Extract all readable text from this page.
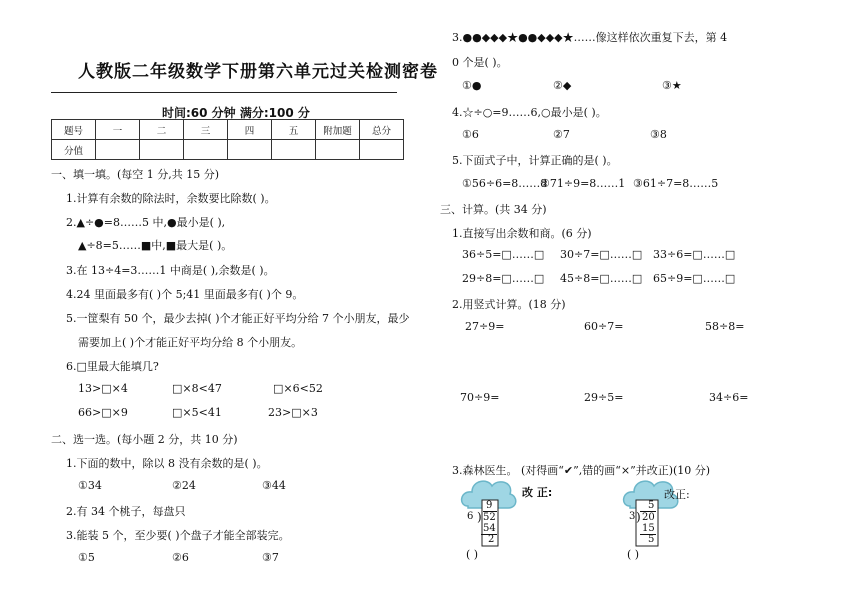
人教版二年级数学下册第六单元过关检测密卷
时间:60 分钟 满分:100 分
题号	一	二	三	四	五	附加题	总分
分值							
一、填一填。(每空 1 分,共 15 分)
1.计算有余数的除法时，余数要比除数( )。
2.▲÷●=8……5 中,●最小是( ),
▲÷8=5……■中,■最大是( )。
3.在 13÷4=3……1 中商是( ),余数是( )。
4.24 里面最多有( )个 5;41 里面最多有( )个 9。
5.一筐梨有 50 个，最少去掉( )个才能正好平均分给 7 个小朋友，最少
需要加上( )个才能正好平均分给 8 个小朋友。
6.□里最大能填几?
13>□×4	□×8<47	□×6<52
66>□×9	□×5<41	23>□×3
二、选一选。(每小题 2 分，共 10 分)
1.下面的数中，除以 8 没有余数的是( )。
①34	②24	③44
2.有 34 个桃子，每盘只
3.能装 5 个，至少要( )个盘子才能全部装完。
①5	②6	③7
3.●●◆◆◆★●●◆◆◆★……像这样依次重复下去，第 4
0 个是( )。
①●	②◆	③★
4.☆÷○=9……6,○最小是( )。
①6	②7	③8
5.下面式子中，计算正确的是( )。
①56÷6=8……8
②71÷9=8……1 ③61÷7=8……5
三、计算。(共 34 分)
1.直接写出余数和商。(6 分)
36÷5=□……□ 30÷7=□……□ 33÷6=□……□
29÷8=□……□ 45÷8=□……□ 65÷9=□……□
2.用竖式计算。(18 分)
27÷9=	60÷7=	58÷8=
70÷9=	29÷5=	34÷6=
3.森林医生。 (对得画“✔”,错的画“×”并改正)(10 分)
9
6 ) 52
54
2
( )
改 正:
5
3 ) 20
15
5
( )
改正:
